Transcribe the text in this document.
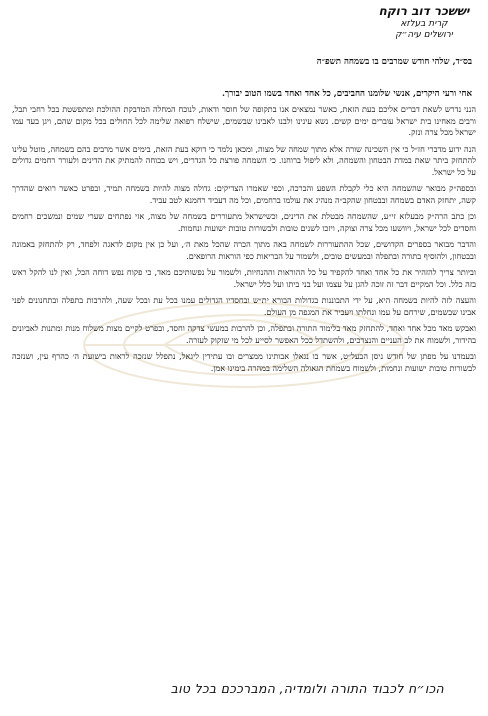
יששכר דוב רוקח
קרית בעלזא
ירושלים עיה״ק
בס״ד, שלהי חודש שמרבים בו בשמחה תשפ״ה
אחי ורעי היקרים, אנשי שלומנו החביבים, כל אחד ואחד בשמו הטוב יבורך.

הנני נדרש לשאת דברים אליכם בעת הזאת, כאשר נמצאים אנו בתקופה של חוסר ודאות, לנוכח המחלה המדבקת ההולכת ומתפשטת בכל רחבי תבל, ורבים מאחינו בית ישראל עוברים ימים קשים. נשא עינינו ולבנו לאבינו שבשמים, שישלח רפואה שלימה לכל החולים בכל מקום שהם, ויגן בעד עמו ישראל מכל צרה ונזק.

הנה ידוע מדברי חז״ל כי אין השכינה שורה אלא מתוך שמחה של מצוה, ומכאן נלמד כי דוקא בעת הזאת, בימים אשר מרבים בהם בשמחה, מוטל עלינו להתחזק ביתר שאת במדת הבטחון והשמחה, ולא ליפול ברוחנו. כי השמחה פורצת כל הגדרים, ויש בכוחה להמתיק את הדינים ולעורר רחמים גדולים על כל ישראל.

ובספה״ק מבואר שהשמחה היא כלי לקבלת השפע והברכה, וכפי שאמרו הצדיקים: גדולה מצוה להיות בשמחה תמיד, ובפרט כאשר רואים שהדרך קשה, יתחזק האדם בשמחה ובבטחון שהקב״ה מנהיג את עולמו ברחמים, וכל מה דעביד רחמנא לטב עביד.

וכן כתב הרה״ק מבעלזא זי״ע, שהשמחה מבטלת את הדינים, וכשישראל מתעוררים בשמחה של מצוה, אזי נפתחים שערי שמים ונמשכים רחמים וחסדים לכל ישראל, ויוושעו מכל צרה וצוקה, ויזכו לשנים טובות ולבשורות טובות ישועות ונחמות.

והדבר מבואר בספרים הקדושים, שכל ההתעוררות לשמחה באה מתוך הכרה שהכל מאת ה׳, ועל כן אין מקום לדאגה ולפחד, רק להתחזק באמונה ובבטחון, ולהוסיף בתורה ובתפלה ובמעשים טובים, ולשמור על הבריאות כפי הוראות הרופאים.

וביותר צריך להזהיר את כל אחד ואחד להקפיד על כל ההוראות וההנחיות, ולשמור על נפשותיכם מאד, כי פקוח נפש דוחה הכל, ואין לנו להקל ראש בזה כלל. וכל המקיים דבר זה זוכה להגן על עצמו ועל בני ביתו ועל כלל ישראל.

והעצה לזה להיות בשמחה היא, על ידי התבוננות בגדולות הבורא ית״ש ובחסדיו הגדולים עמנו בכל עת ובכל שעה, ולהרבות בתפלה ובתחנונים לפני אבינו שבשמים, שירחם על עמו ונחלתו ויעביר את המגפה מן העולם.

ואבקש מאד מכל אחד ואחד, להתחזק מאד בלימוד התורה ובתפלה, וכן להרבות במעשי צדקה וחסד, ובפרט לקיים מצות משלוח מנות ומתנות לאביונים בהידור, ולשמוח את לב העניים והנצרכים, ולהשתדל ככל האפשר לסייע לכל מי שזקוק לעזרה.

ובעמדנו על מפתן של חודש ניסן הבעל״ט, אשר בו נגאלו אבותינו ממצרים ובו עתידין ליגאל, נתפלל שנזכה לראות בישועת ה׳ כהרף עין, ושנזכה לבשורות טובות ישועות ונחמות, ולשמוח בשמחת הגאולה השלימה במהרה בימינו אמן.

הכו״ח לכבוד התורה ולומדיה, המברככם בכל טוב
